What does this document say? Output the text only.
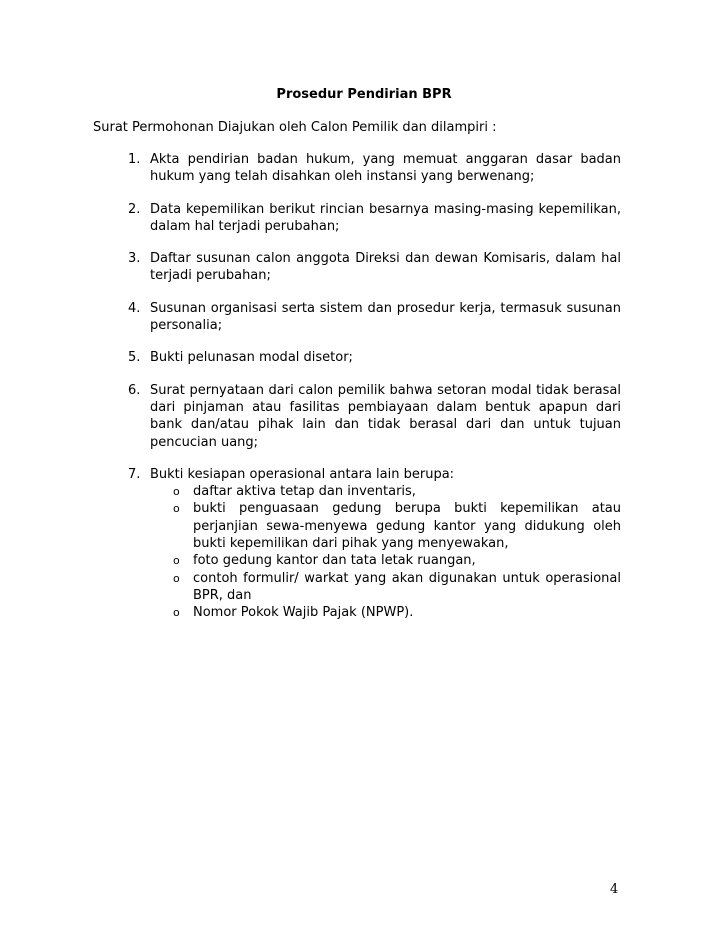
Prosedur Pendirian BPR
Surat Permohonan Diajukan oleh Calon Pemilik dan dilampiri :
1. Akta pendirian badan hukum, yang memuat anggaran dasar badan hukum yang telah disahkan oleh instansi yang berwenang;
2. Data kepemilikan berikut rincian besarnya masing-masing kepemilikan, dalam hal terjadi perubahan;
3. Daftar susunan calon anggota Direksi dan dewan Komisaris, dalam hal terjadi perubahan;
4. Susunan organisasi serta sistem dan prosedur kerja, termasuk susunan personalia;
5. Bukti pelunasan modal disetor;
6. Surat pernyataan dari calon pemilik bahwa setoran modal tidak berasal dari pinjaman atau fasilitas pembiayaan dalam bentuk apapun dari bank dan/atau pihak lain dan tidak berasal dari dan untuk tujuan pencucian uang;
7. Bukti kesiapan operasional antara lain berupa:
o daftar aktiva tetap dan inventaris,
o bukti penguasaan gedung berupa bukti kepemilikan atau perjanjian sewa-menyewa gedung kantor yang didukung oleh bukti kepemilikan dari pihak yang menyewakan,
o foto gedung kantor dan tata letak ruangan,
o contoh formulir/ warkat yang akan digunakan untuk operasional BPR, dan
o Nomor Pokok Wajib Pajak (NPWP).
4
